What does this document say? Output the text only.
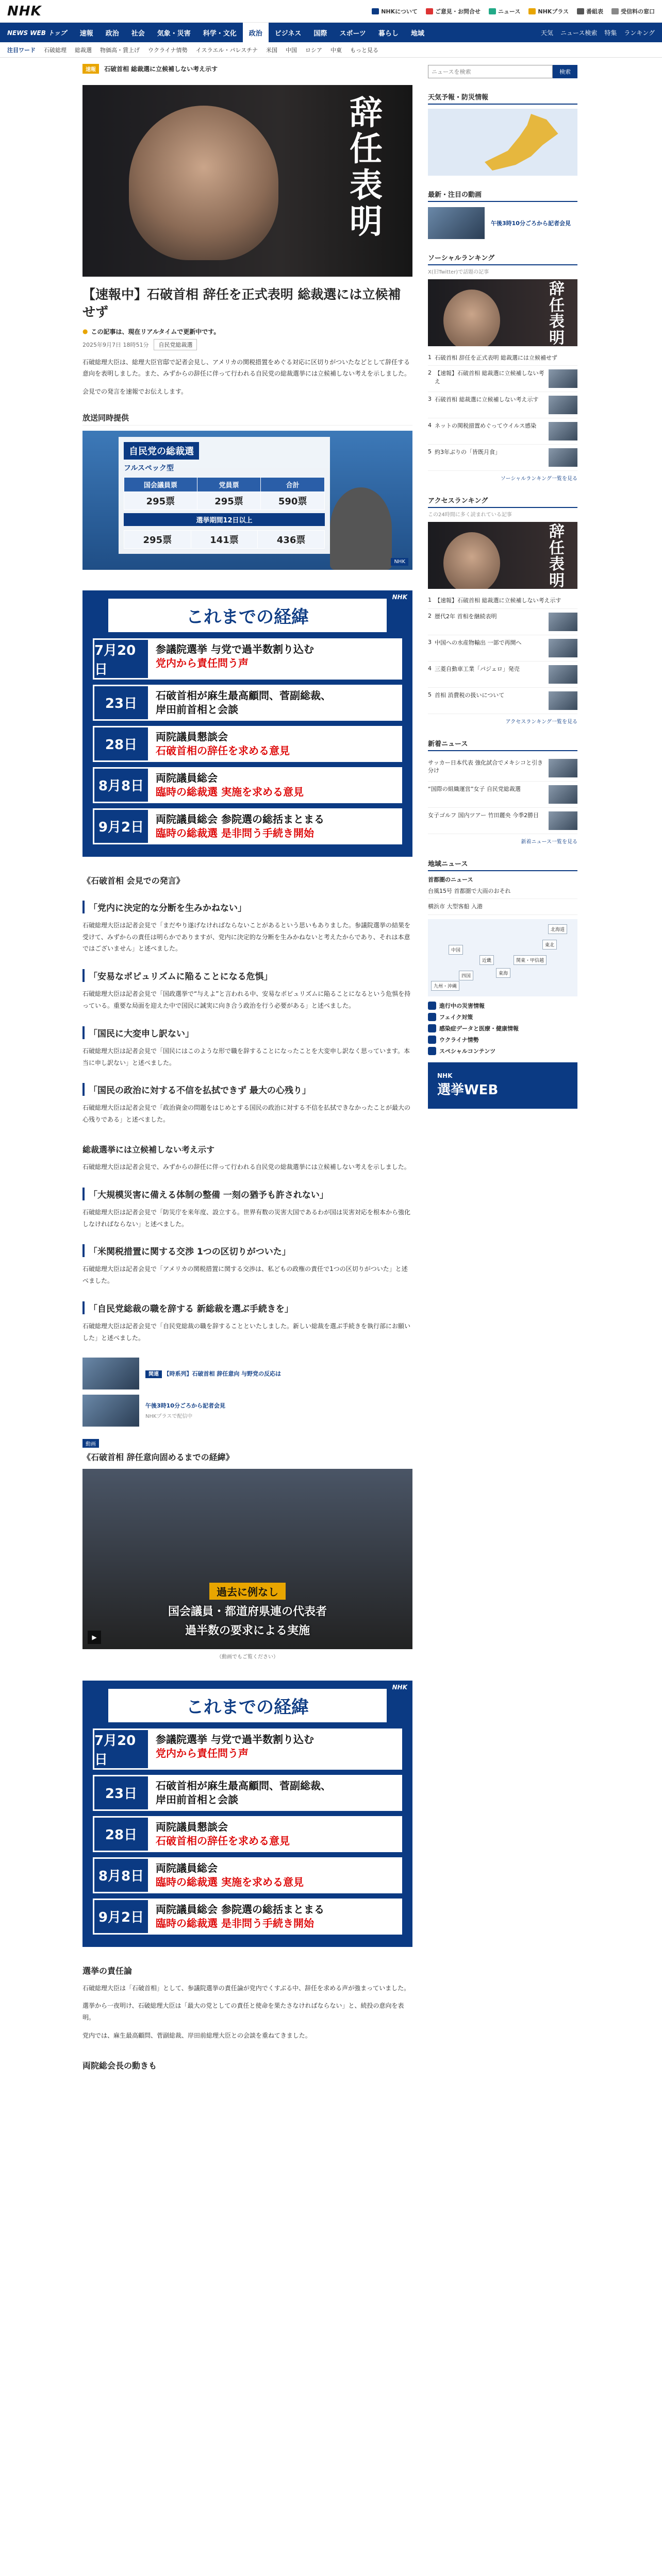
NHK	NHKについて	ご意見・お問合せ	ニュース	NHKプラス	番組表	受信料の窓口
NEWS WEB トップ	速報	政治	社会	気象・災害	科学・文化	政治	ビジネス	国際	スポーツ	暮らし	地域	天気 ニュース検索 特集 ランキング
注目ワード 石破総理 総裁選 物価高・賃上げ ウクライナ情勢 イスラエル・パレスチナ 米国 中国 ロシア 中東 もっと見る
速報	石破首相 総裁選に立候補しない考え示す
辞
任
表
明
【速報中】石破首相 辞任を正式表明 総裁選には立候補せず
● この記事は、現在リアルタイムで更新中です。
2025年9月7日 18時51分	自民党総裁選

石破総理大臣は、総理大臣官邸で記者会見し、アメリカの関税措置をめぐる対応に区切りがついたなどとして辞任する意向を表明しました。また、みずからの辞任に伴って行われる自民党の総裁選挙には立候補しない考えを示しました。

会見での発言を速報でお伝えします。

放送同時提供
自民党の総裁選
フルスペック型
国会議員票	党員票	合計
295票	295票	590票
選挙期間12日以上
295票	141票	436票
NHK
NHK
これまでの経緯
7月20日
参議院選挙 与党で過半数割り込む
党内から責任問う声
23日
石破首相が麻生最高顧問、菅副総裁、
岸田前首相と会談
28日
両院議員懇談会
石破首相の辞任を求める意見
8月8日
両院議員総会
臨時の総裁選 実施を求める意見
9月2日
両院議員総会 参院選の総括まとまる
臨時の総裁選 是非問う手続き開始
《石破首相 会見での発言》
「党内に決定的な分断を生みかねない」

石破総理大臣は記者会見で「まだやり遂げなければならないことがあるという思いもありました。参議院選挙の結果を受けて、みずからの責任は明らかでありますが、党内に決定的な分断を生みかねないと考えたからであり、それは本意ではございません」と述べました。

「安易なポピュリズムに陥ることになる危惧」

石破総理大臣は記者会見で「国政選挙で“与えよ”と言われる中、安易なポピュリズムに陥ることになるという危惧を持っている。重要な局面を迎えた中で国民に誠実に向き合う政治を行う必要がある」と述べました。

「国民に大変申し訳ない」

石破総理大臣は記者会見で「国民にはこのような形で職を辞することになったことを大変申し訳なく思っています。本当に申し訳ない」と述べました。

「国民の政治に対する不信を払拭できず 最大の心残り」

石破総理大臣は記者会見で「政治資金の問題をはじめとする国民の政治に対する不信を払拭できなかったことが最大の心残りである」と述べました。

総裁選挙には立候補しない考え示す

石破総理大臣は記者会見で、みずからの辞任に伴って行われる自民党の総裁選挙には立候補しない考えを示しました。

「大規模災害に備える体制の整備 一刻の猶予も許されない」

石破総理大臣は記者会見で「防災庁を来年度、設立する。世界有数の災害大国であるわが国は災害対応を根本から強化しなければならない」と述べました。

「米関税措置に関する交渉 1つの区切りがついた」

石破総理大臣は記者会見で「アメリカの関税措置に関する交渉は、私どもの政権の責任で1つの区切りがついた」と述べました。

「自民党総裁の職を辞する 新総裁を選ぶ手続きを」

石破総理大臣は記者会見で「自民党総裁の職を辞することといたしました。新しい総裁を選ぶ手続きを執行部にお願いした」と述べました。

関連 【時系列】石破首相 辞任意向 与野党の反応は
午後3時10分ごろから記者会見
NHKプラスで配信中
動画
《石破首相 辞任意向固めるまでの経緯》
過去に例なし
国会議員・都道府県連の代表者
過半数の要求による実施
▶
（動画でもご覧ください）
NHK
これまでの経緯
7月20日
参議院選挙 与党で過半数割り込む
党内から責任問う声
23日
石破首相が麻生最高顧問、菅副総裁、
岸田前首相と会談
28日
両院議員懇談会
石破首相の辞任を求める意見
8月8日
両院議員総会
臨時の総裁選 実施を求める意見
9月2日
両院議員総会 参院選の総括まとまる
臨時の総裁選 是非問う手続き開始
選挙の責任論

石破総理大臣は「石破首相」として、参議院選挙の責任論が党内でくすぶる中、辞任を求める声が強まっていました。

選挙から一夜明け、石破総理大臣は「最大の党としての責任と使命を果たさなければならない」と、続投の意向を表明。

党内では、麻生最高顧問、菅副総裁、岸田前総理大臣との会談を重ねてきました。

両院総会長の動きも
ニュースを検索
検索
天気予報・防災情報
最新・注目の動画
午後3時10分ごろから記者会見
ソーシャルランキング
X(旧Twitter)で話題の記事
辞
任
表
明
1 石破首相 辞任を正式表明 総裁選には立候補せず
2 【速報】石破首相 総裁選に立候補しない考え
3 石破首相 総裁選に立候補しない考え示す
4 ネットの関税措置めぐってウイルス感染
5 約3年ぶりの「皆既月食」
ソーシャルランキング一覧を見る
アクセスランキング
この24時間に多く読まれている記事
辞
任
表
明
1 【速報】石破首相 総裁選に立候補しない考え示す
2 歴代2年 首相を継続表明
3 中国への水産物輸出 一部で再開へ
4 三菱自動車工業「パジェロ」発売
5 首相 消費税の扱いについて
アクセスランキング一覧を見る
新着ニュース
サッカー日本代表 強化試合でメキシコと引き分け
“国際の組織運営”女子 自民党総裁選
女子ゴルフ 国内ツアー 竹田麗央 今季2勝目
新着ニュース一覧を見る
地域ニュース
首都圏のニュース
台風15号 首都圏で大雨のおそれ
横浜市 大型客船 入港
北海道
東北
関東・甲信越
東海
近畿
中国
四国
九州・沖縄
進行中の災害情報
フェイク対策
感染症データと医療・健康情報
ウクライナ情勢
スペシャルコンテンツ
NHK
選挙WEB
